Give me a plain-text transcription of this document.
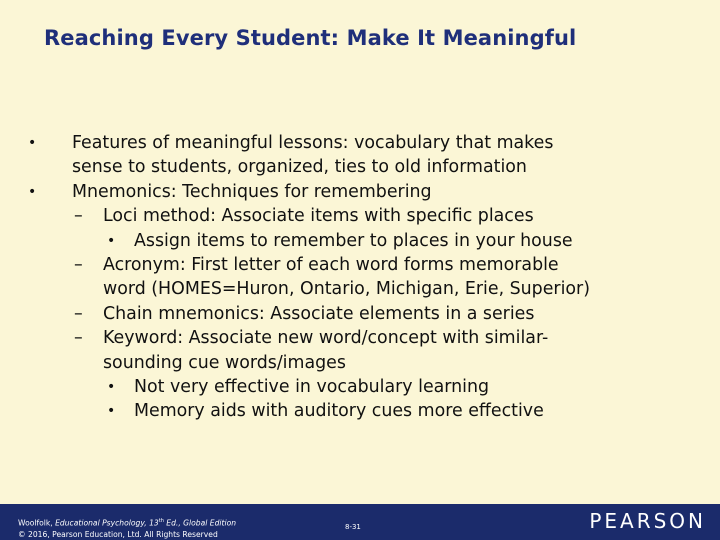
Reaching Every Student: Make It Meaningful
• Features of meaningful lessons: vocabulary that makes
sense to students, organized, ties to old information
• Mnemonics: Techniques for remembering
– Loci method: Associate items with specific places
• Assign items to remember to places in your house
– Acronym: First letter of each word forms memorable
word (HOMES=Huron, Ontario, Michigan, Erie, Superior)
– Chain mnemonics: Associate elements in a series
– Keyword: Associate new word/concept with similar-
sounding cue words/images
• Not very effective in vocabulary learning
• Memory aids with auditory cues more effective
Woolfolk, Educational Psychology, 13th Ed., Global Edition
© 2016, Pearson Education, Ltd. All Rights Reserved
8-31	PEARSON
